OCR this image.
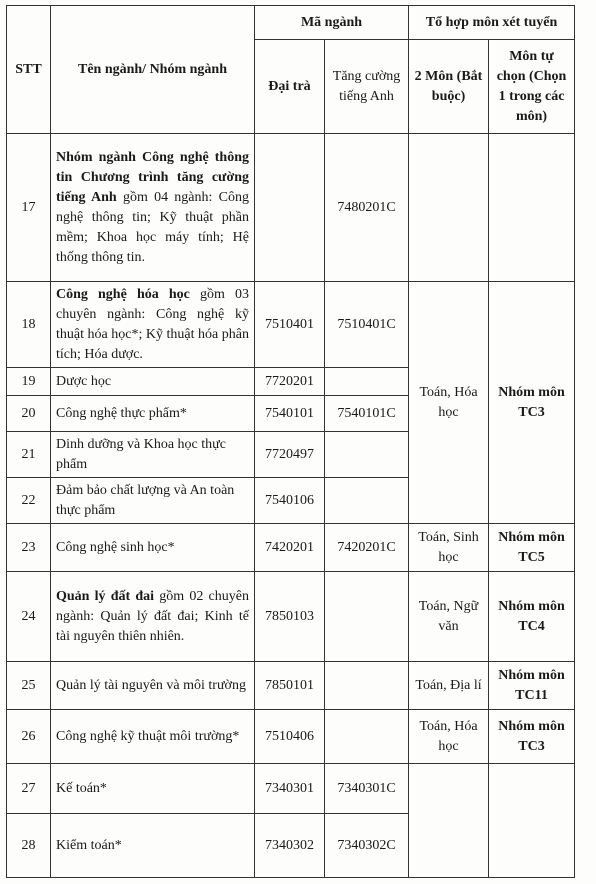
STT	Tên ngành/ Nhóm ngành	Mã ngành		Tổ hợp môn xét tuyển	
		Đại trà	Tăng cường tiếng Anh	2 Môn (Bắt buộc)	Môn tự chọn (Chọn 1 trong các môn)
17	Nhóm ngành Công nghệ thông tin Chương trình tăng cường tiếng Anh gồm 04 ngành: Công nghệ thông tin; Kỹ thuật phần mềm; Khoa học máy tính; Hệ thống thông tin.		7480201C		
18	Công nghệ hóa học gồm 03 chuyên ngành: Công nghệ kỹ thuật hóa học*; Kỹ thuật hóa phân tích; Hóa dược.	7510401	7510401C	Toán, Hóa học	Nhóm môn TC3
19	Dược học	7720201			
20	Công nghệ thực phẩm*	7540101	7540101C		
21	Dinh dưỡng và Khoa học thực phẩm	7720497			
22	Đảm bảo chất lượng và An toàn thực phẩm	7540106			
23	Công nghệ sinh học*	7420201	7420201C	Toán, Sinh học	Nhóm môn TC5
24	Quản lý đất đai gồm 02 chuyên ngành: Quản lý đất đai; Kinh tế tài nguyên thiên nhiên.	7850103		Toán, Ngữ văn	Nhóm môn TC4
25	Quản lý tài nguyên và môi trường	7850101		Toán, Địa lí	Nhóm môn TC11
26	Công nghệ kỹ thuật môi trường*	7510406		Toán, Hóa học	Nhóm môn TC3
27	Kế toán*	7340301	7340301C		
28	Kiểm toán*	7340302	7340302C		
